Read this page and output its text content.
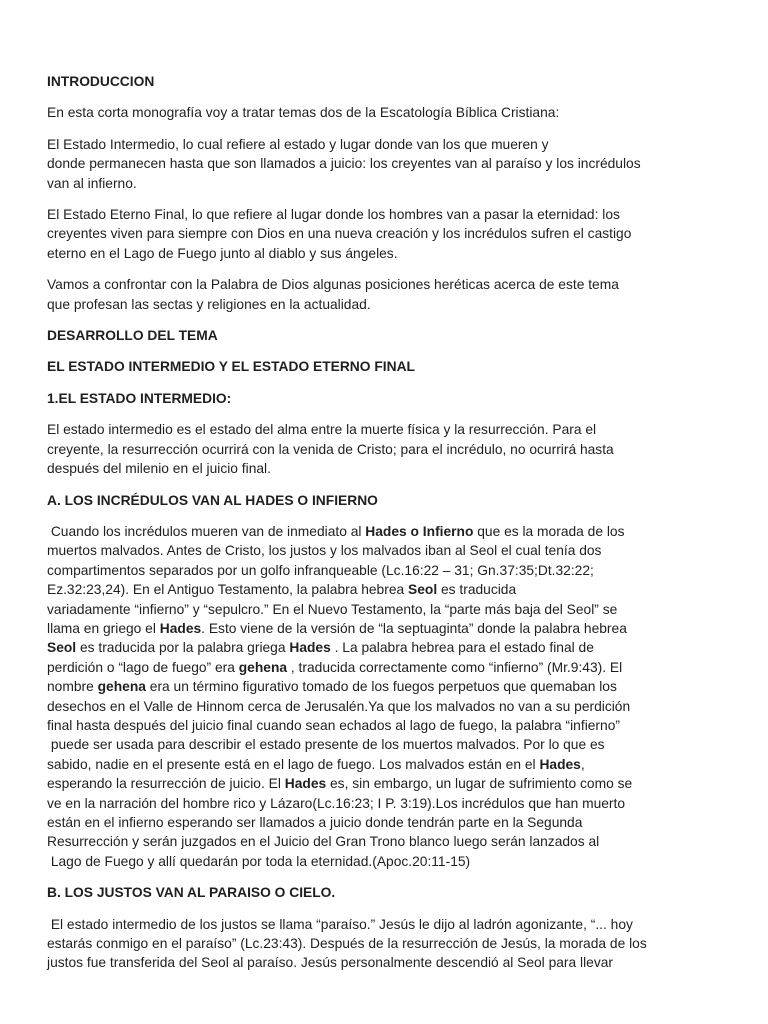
INTRODUCCION
En esta corta monografía voy a tratar temas dos de la Escatología Bíblica Cristiana:
El Estado Intermedio, lo cual refiere al estado y lugar donde van los que mueren y
donde permanecen hasta que son llamados a juicio: los creyentes van al paraíso y los incrédulos
van al infierno.
El Estado Eterno Final, lo que refiere al lugar donde los hombres van a pasar la eternidad: los
creyentes viven para siempre con Dios en una nueva creación y los incrédulos sufren el castigo
eterno en el Lago de Fuego junto al diablo y sus ángeles.
Vamos a confrontar con la Palabra de Dios algunas posiciones heréticas acerca de este tema
que profesan las sectas y religiones en la actualidad.
DESARROLLO DEL TEMA
EL ESTADO INTERMEDIO Y EL ESTADO ETERNO FINAL
1.EL ESTADO INTERMEDIO:
El estado intermedio es el estado del alma entre la muerte física y la resurrección. Para el
creyente, la resurrección ocurrirá con la venida de Cristo; para el incrédulo, no ocurrirá hasta
después del milenio en el juicio final.
A. LOS INCRÉDULOS VAN AL HADES O INFIERNO
Cuando los incrédulos mueren van de inmediato al Hades o Infierno que es la morada de los
muertos malvados. Antes de Cristo, los justos y los malvados iban al Seol el cual tenía dos
compartimentos separados por un golfo infranqueable (Lc.16:22 – 31; Gn.37:35;Dt.32:22;
Ez.32:23,24). En el Antiguo Testamento, la palabra hebrea Seol es traducida
variadamente “infierno” y “sepulcro.” En el Nuevo Testamento, la “parte más baja del Seol” se
llama en griego el Hades. Esto viene de la versión de “la septuaginta” donde la palabra hebrea
Seol es traducida por la palabra griega Hades . La palabra hebrea para el estado final de
perdición o “lago de fuego” era gehena , traducida correctamente como “infierno” (Mr.9:43). El
nombre gehena era un término figurativo tomado de los fuegos perpetuos que quemaban los
desechos en el Valle de Hinnom cerca de Jerusalén.Ya que los malvados no van a su perdición
final hasta después del juicio final cuando sean echados al lago de fuego, la palabra “infierno”
puede ser usada para describir el estado presente de los muertos malvados. Por lo que es
sabido, nadie en el presente está en el lago de fuego. Los malvados están en el Hades,
esperando la resurrección de juicio. El Hades es, sin embargo, un lugar de sufrimiento como se
ve en la narración del hombre rico y Lázaro(Lc.16:23; I P. 3:19).Los incrédulos que han muerto
están en el infierno esperando ser llamados a juicio donde tendrán parte en la Segunda
Resurrección y serán juzgados en el Juicio del Gran Trono blanco luego serán lanzados al
Lago de Fuego y allí quedarán por toda la eternidad.(Apoc.20:11-15)
B. LOS JUSTOS VAN AL PARAISO O CIELO.
El estado intermedio de los justos se llama “paraíso.” Jesús le dijo al ladrón agonizante, “... hoy
estarás conmigo en el paraíso” (Lc.23:43). Después de la resurrección de Jesús, la morada de los
justos fue transferida del Seol al paraíso. Jesús personalmente descendió al Seol para llevar
